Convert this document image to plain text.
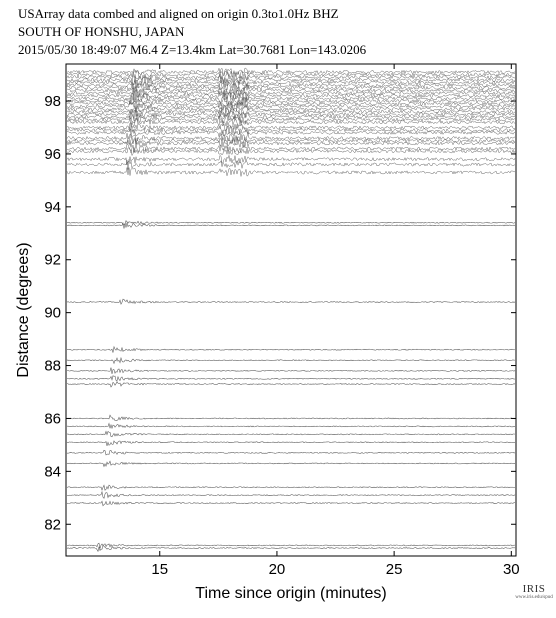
USArray data combed and aligned on origin 0.3to1.0Hz BHZ
SOUTH OF HONSHU, JAPAN
2015/05/30 18:49:07 M6.4 Z=13.4km Lat=30.7681 Lon=143.0206
15	20	25	30
82
84
86
88
90
92
94
96
98
Time since origin (minutes)
Distance (degrees)
IRIS
www.iris.edu/spud
